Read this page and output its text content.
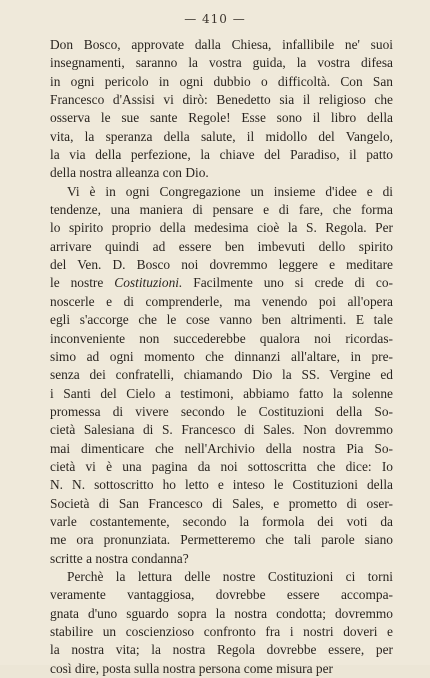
— 410 —

Don Bosco, approvate dalla Chiesa, infallibile ne' suoi
insegnamenti, saranno la vostra guida, la vostra difesa
in ogni pericolo in ogni dubbio o difficoltà. Con San
Francesco d'Assisi vi dirò: Benedetto sia il religioso che
osserva le sue sante Regole! Esse sono il libro della
vita, la speranza della salute, il midollo del Vangelo,
la via della perfezione, la chiave del Paradiso, il patto
della nostra alleanza con Dio.

Vi è in ogni Congregazione un insieme d'idee e di
tendenze, una maniera di pensare e di fare, che forma
lo spirito proprio della medesima cioè la S. Regola. Per
arrivare quindi ad essere ben imbevuti dello spirito
del Ven. D. Bosco noi dovremmo leggere e meditare
le nostre Costituzioni. Facilmente uno si crede di co-
noscerle e di comprenderle, ma venendo poi all'opera
egli s'accorge che le cose vanno ben altrimenti. E tale
inconveniente non succederebbe qualora noi ricordas-
simo ad ogni momento che dinnanzi all'altare, in pre-
senza dei confratelli, chiamando Dio la SS. Vergine ed
i Santi del Cielo a testimoni, abbiamo fatto la solenne
promessa di vivere secondo le Costituzioni della So-
cietà Salesiana di S. Francesco di Sales. Non dovremmo
mai dimenticare che nell'Archivio della nostra Pia So-
cietà vi è una pagina da noi sottoscritta che dice: Io
N. N. sottoscritto ho letto e inteso le Costituzioni della
Società di San Francesco di Sales, e prometto di oser-
varle costantemente, secondo la formola dei voti da
me ora pronunziata. Permetteremo che tali parole siano
scritte a nostra condanna?

Perchè la lettura delle nostre Costituzioni ci torni
veramente vantaggiosa, dovrebbe essere accompa-
gnata d'uno sguardo sopra la nostra condotta; dovremmo
stabilire un coscienzioso confronto fra i nostri doveri e
la nostra vita; la nostra Regola dovrebbe essere, per
così dire, posta sulla nostra persona come misura per
